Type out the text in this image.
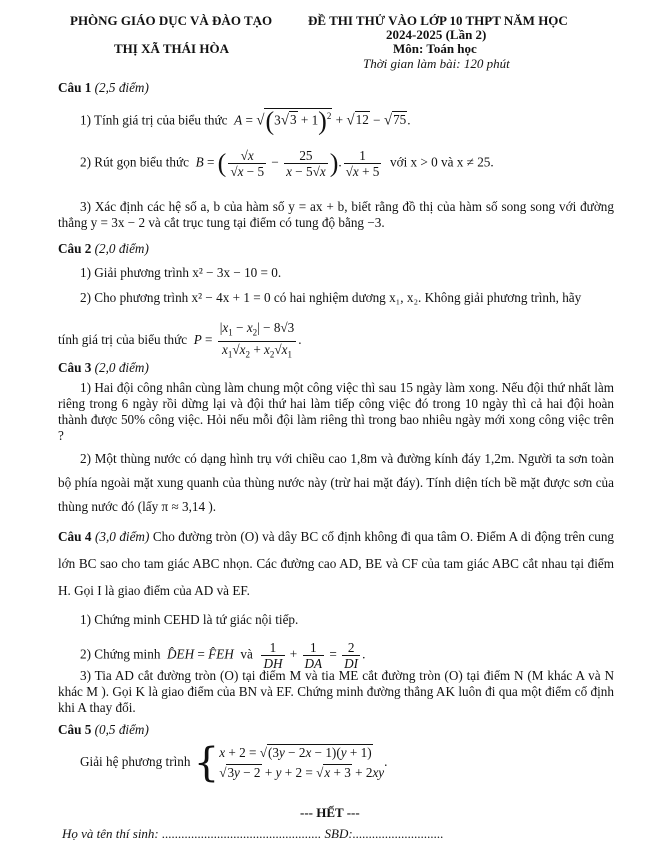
PHÒNG GIÁO DỤC VÀ ĐÀO TẠO	ĐỀ THI THỬ VÀO LỚP 10 THPT NĂM HỌC
2024-2025 (Lần 2)
THỊ XÃ THÁI HÒA	Môn: Toán học
Thời gian làm bài: 120 phút
Câu 1 (2,5 điểm)
1) Tính giá trị của biểu thức  $A = √(3√3 + 1)^2 + √12 - √75$.
2) Rút gọn biểu thức  B = ( $\frac{√x}{√x - 5} - \frac{25}{x - 5√x}$ ). $\frac{1}{√x + 5}$ với x > 0 và x ≠ 25.
3) Xác định các hệ số a, b của hàm số y = ax + b, biết rằng đồ thị của hàm số song song với đường thẳng y = 3x − 2 và cắt trục tung tại điểm có tung độ bằng −3.
Câu 2 (2,0 điểm)
1) Giải phương trình x² − 3x − 10 = 0.
2) Cho phương trình x² − 4x + 1 = 0 có hai nghiệm dương x₁, x₂. Không giải phương trình, hãy
tính giá trị của biểu thức  $P = \frac{|x_1 - x_2| - 8√3}{x_1√x_2 + x_2√x_1}$ .
Câu 3 (2,0 điểm)
1) Hai đội công nhân cùng làm chung một công việc thì sau 15 ngày làm xong. Nếu đội thứ nhất làm riêng trong 6 ngày rồi dừng lại và đội thứ hai làm tiếp công việc đó trong 10 ngày thì cả hai đội hoàn thành được 50% công việc. Hỏi nếu mỗi đội làm riêng thì trong bao nhiêu ngày mới xong công việc trên ?
2) Một thùng nước có dạng hình trụ với chiều cao 1,8m và đường kính đáy 1,2m. Người ta sơn toàn bộ phía ngoài mặt xung quanh của thùng nước này (trừ hai mặt đáy). Tính diện tích bề mặt được sơn của thùng nước đó (lấy π ≈ 3,14 ).
Câu 4 (3,0 điểm) Cho đường tròn (O) và dây BC cố định không đi qua tâm O. Điểm A di động trên cung lớn BC sao cho tam giác ABC nhọn. Các đường cao AD, BE và CF của tam giác ABC cắt nhau tại điểm H. Gọi I là giao điểm của AD và EF.
1) Chứng minh CEHD là tứ giác nội tiếp.
2) Chứng minh  D̂EH = F̂EH  và $\frac{1}{DH} + \frac{1}{DA} = \frac{2}{DI}$ .
3) Tia AD cắt đường tròn (O) tại điểm M và tia ME cắt đường tròn (O) tại điểm N (M khác A và N khác M ). Gọi K là giao điểm của BN và EF. Chứng minh đường thẳng AK luôn đi qua một điểm cố định khi A thay đổi.
Câu 5 (0,5 điểm)
Giải hệ phương trình { x + 2 = √(3y − 2x − 1)(y + 1)
√3y − 2 + y + 2 = √x + 3 + 2xy
.
--- HẾT ---
Họ và tên thí sinh: ................................................. SBD:............................
